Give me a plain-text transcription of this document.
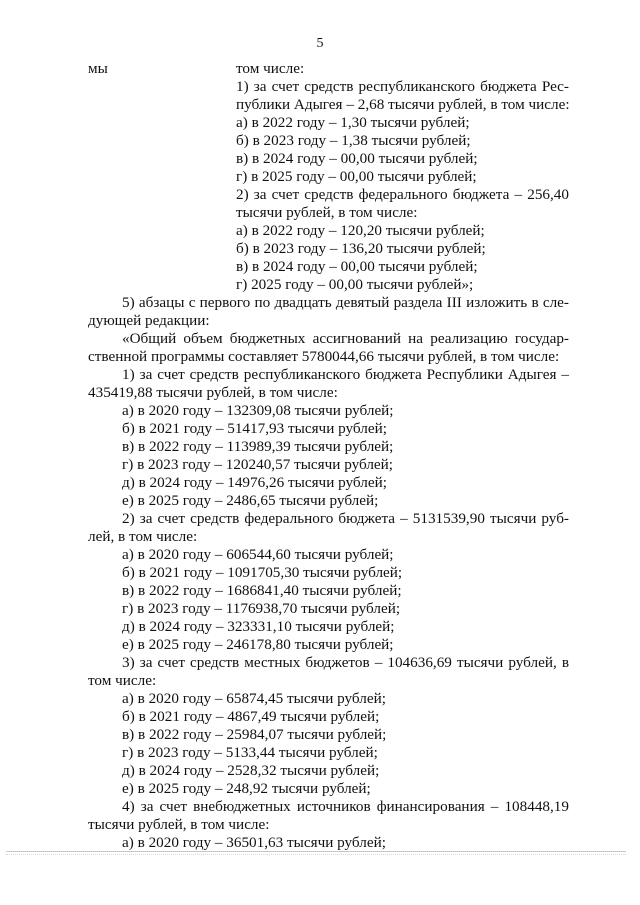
5
мы	том числе:
1) за счет средств республиканского бюджета Рес-
публики Адыгея – 2,68 тысячи рублей, в том числе:
а) в 2022 году – 1,30 тысячи рублей;
б) в 2023 году – 1,38 тысячи рублей;
в) в 2024 году – 00,00 тысячи рублей;
г) в 2025 году – 00,00 тысячи рублей;
2) за счет средств федерального бюджета – 256,40
тысячи рублей, в том числе:
а) в 2022 году – 120,20 тысячи рублей;
б) в 2023 году – 136,20 тысячи рублей;
в) в 2024 году – 00,00 тысячи рублей;
г) 2025 году – 00,00 тысячи рублей»;
5) абзацы с первого по двадцать девятый раздела III изложить в сле-
дующей редакции:
«Общий объем бюджетных ассигнований на реализацию государ-
ственной программы составляет 5780044,66 тысячи рублей, в том числе:
1) за счет средств республиканского бюджета Республики Адыгея –
435419,88 тысячи рублей, в том числе:
а) в 2020 году – 132309,08 тысячи рублей;
б) в 2021 году – 51417,93 тысячи рублей;
в) в 2022 году – 113989,39 тысячи рублей;
г) в 2023 году – 120240,57 тысячи рублей;
д) в 2024 году – 14976,26 тысячи рублей;
е) в 2025 году – 2486,65 тысячи рублей;
2) за счет средств федерального бюджета – 5131539,90 тысячи руб-
лей, в том числе:
а) в 2020 году – 606544,60 тысячи рублей;
б) в 2021 году – 1091705,30 тысячи рублей;
в) в 2022 году – 1686841,40 тысячи рублей;
г) в 2023 году – 1176938,70 тысячи рублей;
д) в 2024 году – 323331,10 тысячи рублей;
е) в 2025 году – 246178,80 тысячи рублей;
3) за счет средств местных бюджетов – 104636,69 тысячи рублей, в
том числе:
а) в 2020 году – 65874,45 тысячи рублей;
б) в 2021 году – 4867,49 тысячи рублей;
в) в 2022 году – 25984,07 тысячи рублей;
г) в 2023 году – 5133,44 тысячи рублей;
д) в 2024 году – 2528,32 тысячи рублей;
е) в 2025 году – 248,92 тысячи рублей;
4) за счет внебюджетных источников финансирования – 108448,19
тысячи рублей, в том числе:
а) в 2020 году – 36501,63 тысячи рублей;
